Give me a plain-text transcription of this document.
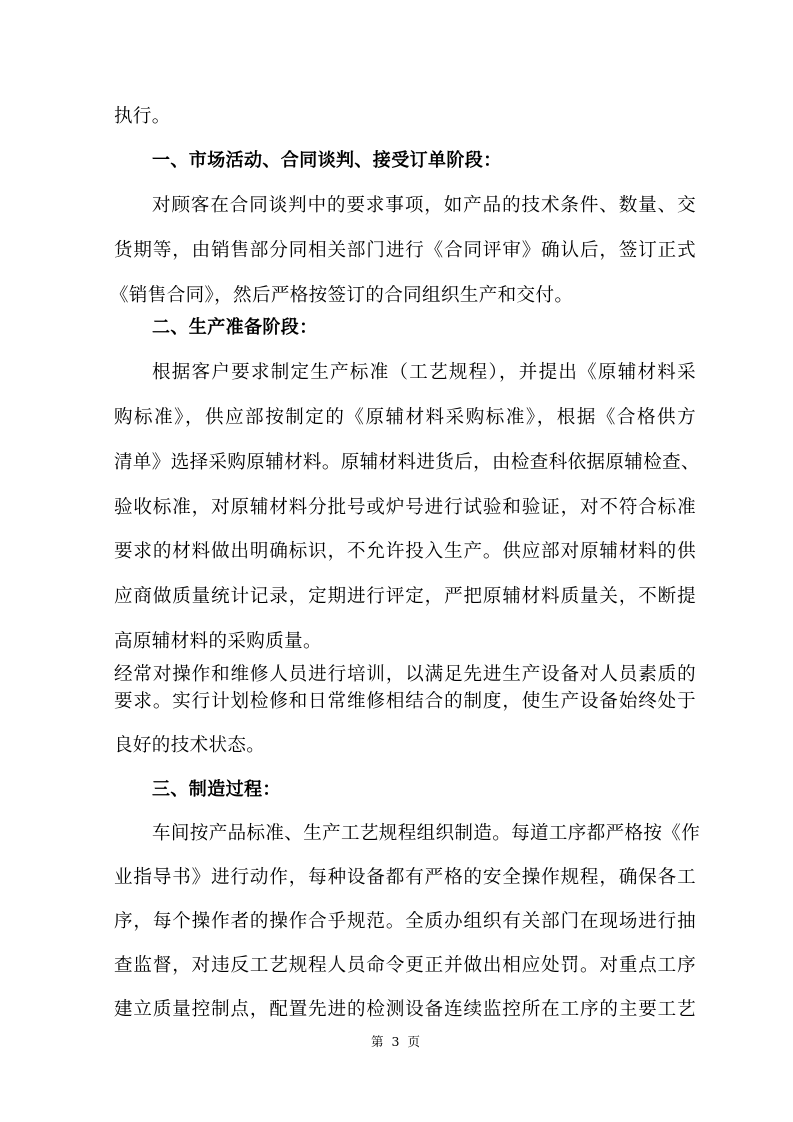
执行。
一、市场活动、合同谈判、接受订单阶段：
对顾客在合同谈判中的要求事项，如产品的技术条件、数量、交
货期等，由销售部分同相关部门进行《合同评审》确认后，签订正式
《销售合同》，然后严格按签订的合同组织生产和交付。
二、生产准备阶段：
根据客户要求制定生产标准（工艺规程），并提出《原辅材料采
购标准》，供应部按制定的《原辅材料采购标准》，根据《合格供方
清单》选择采购原辅材料。原辅材料进货后，由检查科依据原辅检查、
验收标准，对原辅材料分批号或炉号进行试验和验证，对不符合标准
要求的材料做出明确标识，不允许投入生产。供应部对原辅材料的供
应商做质量统计记录，定期进行评定，严把原辅材料质量关，不断提
高原辅材料的采购质量。
经常对操作和维修人员进行培训，以满足先进生产设备对人员素质的
要求。实行计划检修和日常维修相结合的制度，使生产设备始终处于
良好的技术状态。
三、制造过程：
车间按产品标准、生产工艺规程组织制造。每道工序都严格按《作
业指导书》进行动作，每种设备都有严格的安全操作规程，确保各工
序，每个操作者的操作合乎规范。全质办组织有关部门在现场进行抽
查监督，对违反工艺规程人员命令更正并做出相应处罚。对重点工序
建立质量控制点，配置先进的检测设备连续监控所在工序的主要工艺
第 3 页
